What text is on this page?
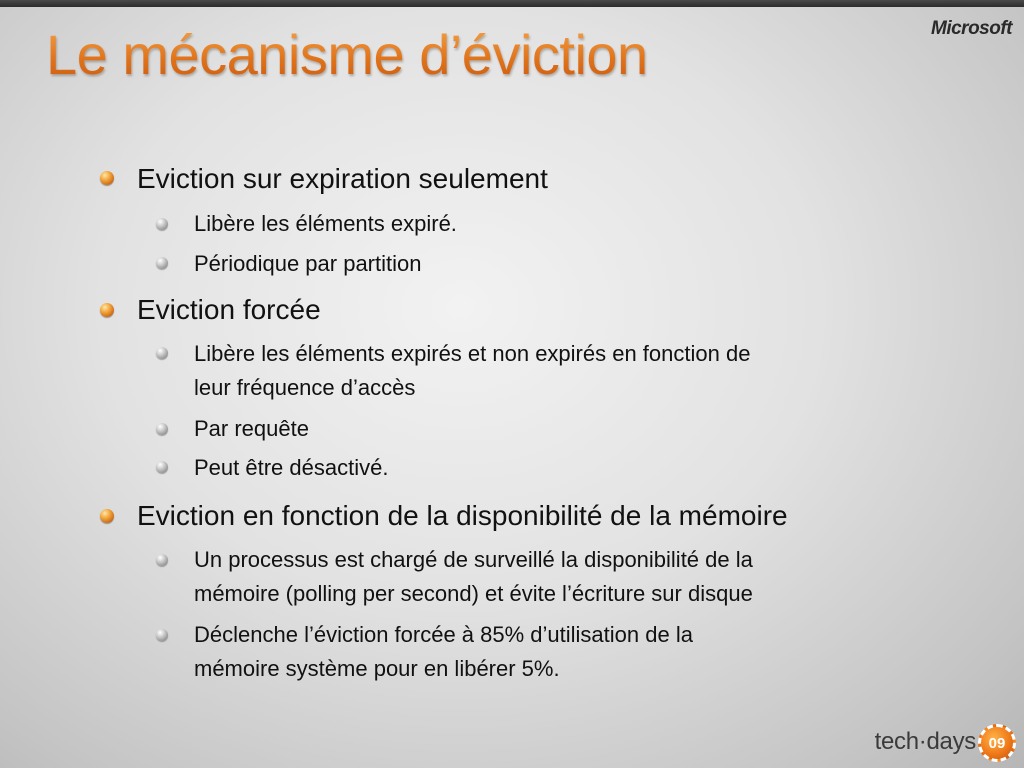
Le mécanisme d’éviction	Microsoft

Eviction sur expiration seulement

Libère les éléments expiré.

Périodique par partition

Eviction forcée

Libère les éléments expirés et non expirés en fonction de

leur fréquence d’accès

Par requête

Peut être désactivé.

Eviction en fonction de la disponibilité de la mémoire

Un processus est chargé de surveillé la disponibilité de la

mémoire (polling per second) et évite l’écriture sur disque

Déclenche l’éviction forcée à 85% d’utilisation de la

mémoire système pour en libérer 5%.

tech·days 09
